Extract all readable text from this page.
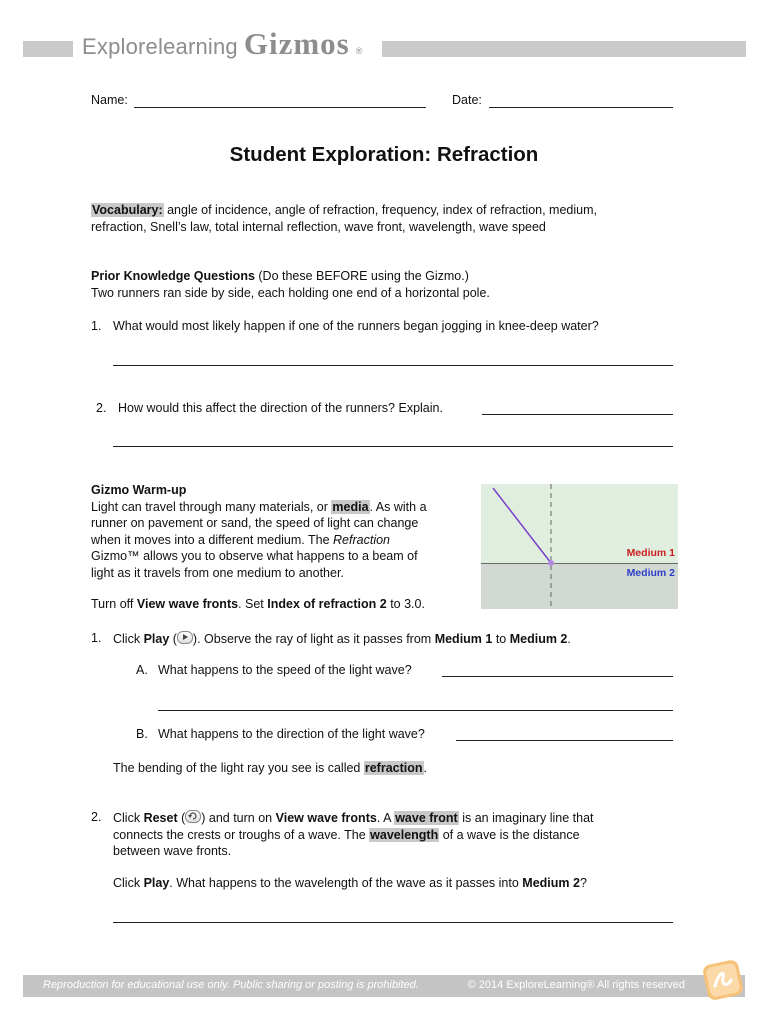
Explorelearning Gizmos ®
Name:	Date:
Student Exploration: Refraction
Vocabulary: angle of incidence, angle of refraction, frequency, index of refraction, medium,
refraction, Snell’s law, total internal reflection, wave front, wavelength, wave speed
Prior Knowledge Questions (Do these BEFORE using the Gizmo.)
Two runners ran side by side, each holding one end of a horizontal pole.
1. What would most likely happen if one of the runners began jogging in knee-deep water?
2. How would this affect the direction of the runners? Explain.
Gizmo Warm-up
Light can travel through many materials, or media. As with a
runner on pavement or sand, the speed of light can change
when it moves into a different medium. The Refraction
Gizmo™ allows you to observe what happens to a beam of
light as it travels from one medium to another.
Turn off View wave fronts. Set Index of refraction 2 to 3.0.
Medium 1
Medium 2
1. Click Play ( ). Observe the ray of light as it passes from Medium 1 to Medium 2.
A. What happens to the speed of the light wave?
B. What happens to the direction of the light wave?
The bending of the light ray you see is called refraction.
2. Click Reset ( ) and turn on View wave fronts. A wave front is an imaginary line that
connects the crests or troughs of a wave. The wavelength of a wave is the distance
between wave fronts.
Click Play. What happens to the wavelength of the wave as it passes into Medium 2?
Reproduction for educational use only. Public sharing or posting is prohibited.	© 2014 ExploreLearning® All rights reserved
